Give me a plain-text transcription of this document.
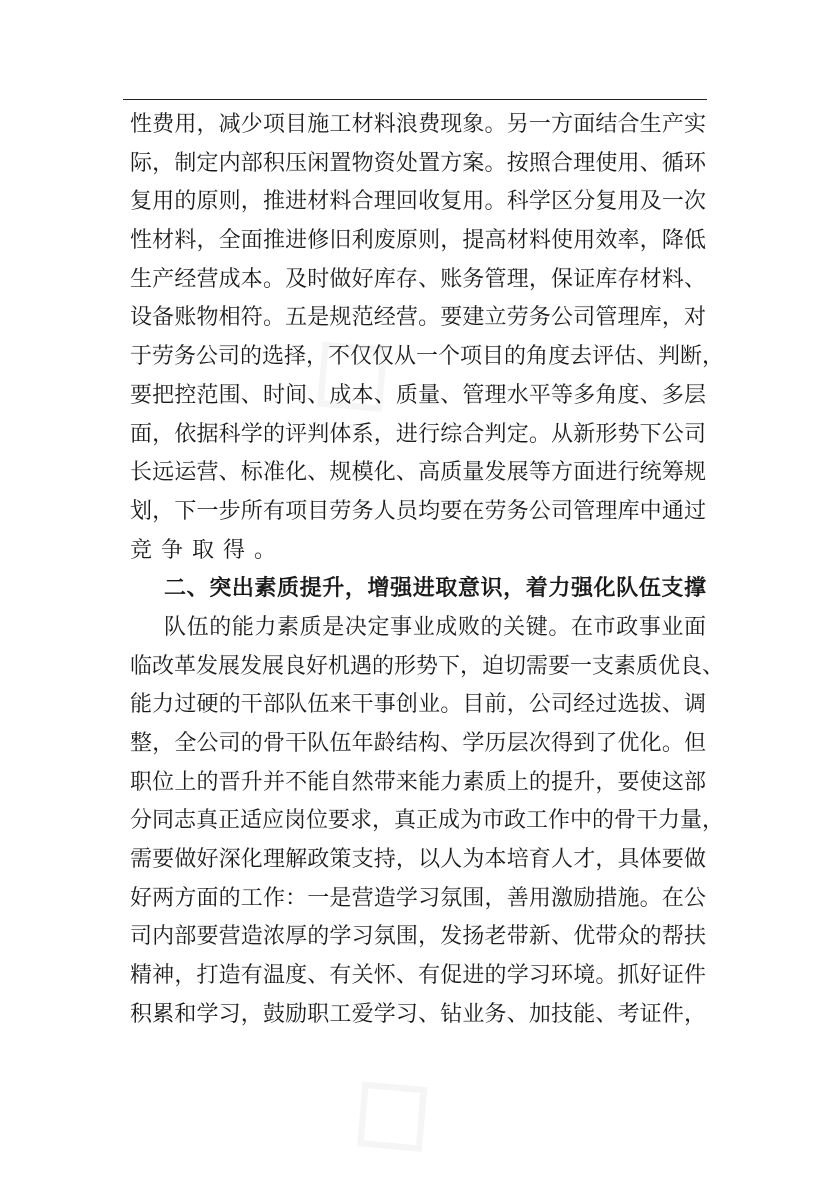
◇
◇
性费用，减少项目施工材料浪费现象。另一方面结合生产实
际，制定内部积压闲置物资处置方案。按照合理使用、循环
复用的原则，推进材料合理回收复用。科学区分复用及一次
性材料，全面推进修旧利废原则，提高材料使用效率，降低
生产经营成本。及时做好库存、账务管理，保证库存材料、
设备账物相符。五是规范经营。要建立劳务公司管理库，对
于劳务公司的选择，不仅仅从一个项目的角度去评估、判断，
要把控范围、时间、成本、质量、管理水平等多角度、多层
面，依据科学的评判体系，进行综合判定。从新形势下公司
长远运营、标准化、规模化、高质量发展等方面进行统筹规
划，下一步所有项目劳务人员均要在劳务公司管理库中通过
竞争取得。
二、突出素质提升，增强进取意识，着力强化队伍支撑
队伍的能力素质是决定事业成败的关键。在市政事业面
临改革发展发展良好机遇的形势下，迫切需要一支素质优良、
能力过硬的干部队伍来干事创业。目前，公司经过选拔、调
整，全公司的骨干队伍年龄结构、学历层次得到了优化。但
职位上的晋升并不能自然带来能力素质上的提升，要使这部
分同志真正适应岗位要求，真正成为市政工作中的骨干力量，
需要做好深化理解政策支持，以人为本培育人才，具体要做
好两方面的工作：一是营造学习氛围，善用激励措施。在公
司内部要营造浓厚的学习氛围，发扬老带新、优带众的帮扶
精神，打造有温度、有关怀、有促进的学习环境。抓好证件
积累和学习，鼓励职工爱学习、钻业务、加技能、考证件，
